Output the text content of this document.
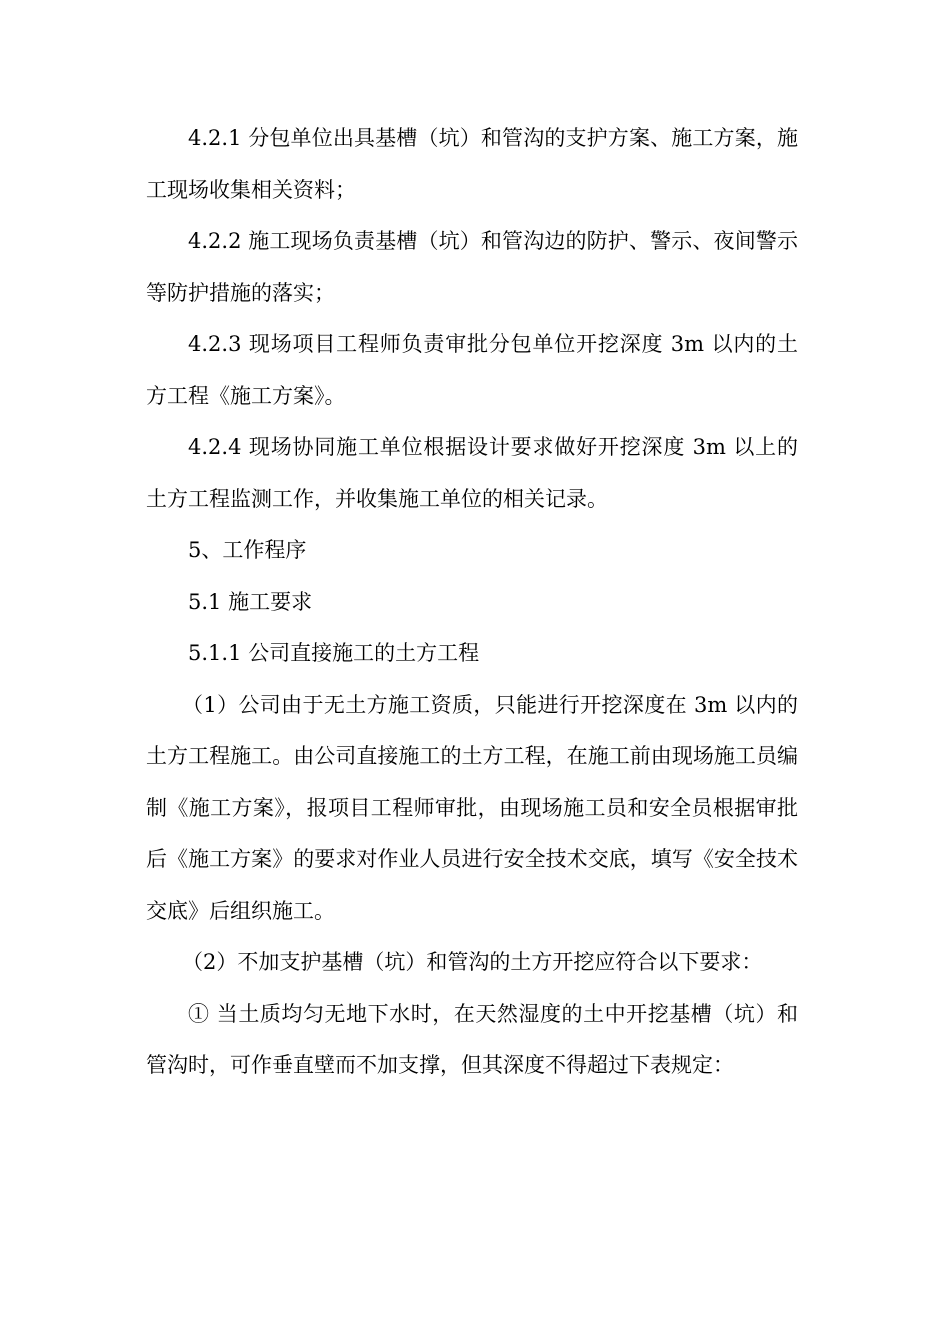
4.2.1 分包单位出具基槽（坑）和管沟的支护方案、施工方案，施工现场收集相关资料；

4.2.2 施工现场负责基槽（坑）和管沟边的防护、警示、夜间警示等防护措施的落实；

4.2.3 现场项目工程师负责审批分包单位开挖深度 3m 以内的土方工程《施工方案》。

4.2.4 现场协同施工单位根据设计要求做好开挖深度 3m 以上的土方工程监测工作，并收集施工单位的相关记录。

5、工作程序

5.1 施工要求

5.1.1 公司直接施工的土方工程

（1）公司由于无土方施工资质，只能进行开挖深度在 3m 以内的土方工程施工。由公司直接施工的土方工程，在施工前由现场施工员编制《施工方案》，报项目工程师审批，由现场施工员和安全员根据审批后《施工方案》的要求对作业人员进行安全技术交底，填写《安全技术交底》后组织施工。

（2）不加支护基槽（坑）和管沟的土方开挖应符合以下要求：

① 当土质均匀无地下水时，在天然湿度的土中开挖基槽（坑）和管沟时，可作垂直壁而不加支撑，但其深度不得超过下表规定：
